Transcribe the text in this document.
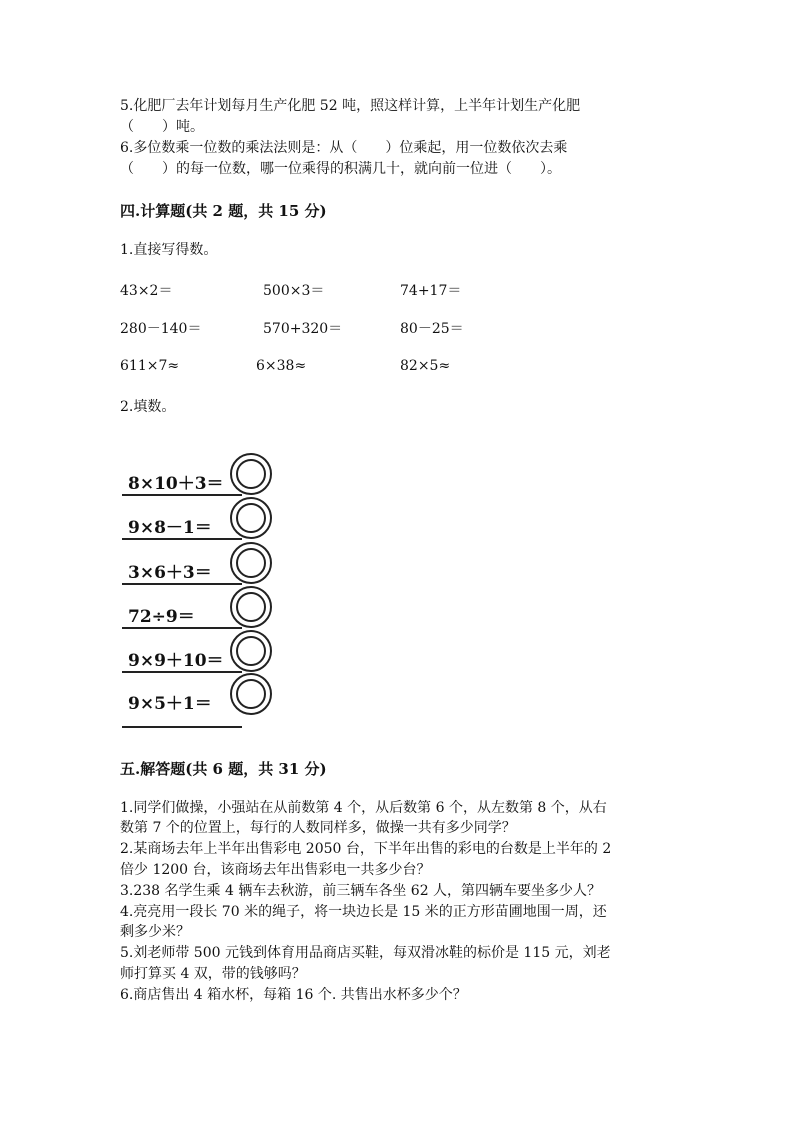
5.化肥厂去年计划每月生产化肥 52 吨，照这样计算，上半年计划生产化肥
（　　）吨。
6.多位数乘一位数的乘法法则是：从（　　）位乘起，用一位数依次去乘
（　　）的每一位数，哪一位乘得的积满几十，就向前一位进（　　）。
四.计算题(共 2 题，共 15 分)
1.直接写得数。
43×2＝	500×3＝	74+17＝
280－140＝	570+320＝	80－25＝
611×7≈	6×38≈	82×5≈
2.填数。
8×10＋3＝
9×8－1＝
3×6＋3＝
72÷9＝
9×9＋10＝
9×5＋1＝
五.解答题(共 6 题，共 31 分)
1.同学们做操，小强站在从前数第 4 个，从后数第 6 个，从左数第 8 个，从右
数第 7 个的位置上，每行的人数同样多，做操一共有多少同学？
2.某商场去年上半年出售彩电 2050 台，下半年出售的彩电的台数是上半年的 2
倍少 1200 台，该商场去年出售彩电一共多少台？
3.238 名学生乘 4 辆车去秋游，前三辆车各坐 62 人，第四辆车要坐多少人？
4.亮亮用一段长 70 米的绳子，将一块边长是 15 米的正方形苗圃地围一周，还
剩多少米？
5.刘老师带 500 元钱到体育用品商店买鞋，每双滑冰鞋的标价是 115 元，刘老
师打算买 4 双，带的钱够吗？
6.商店售出 4 箱水杯，每箱 16 个. 共售出水杯多少个？
